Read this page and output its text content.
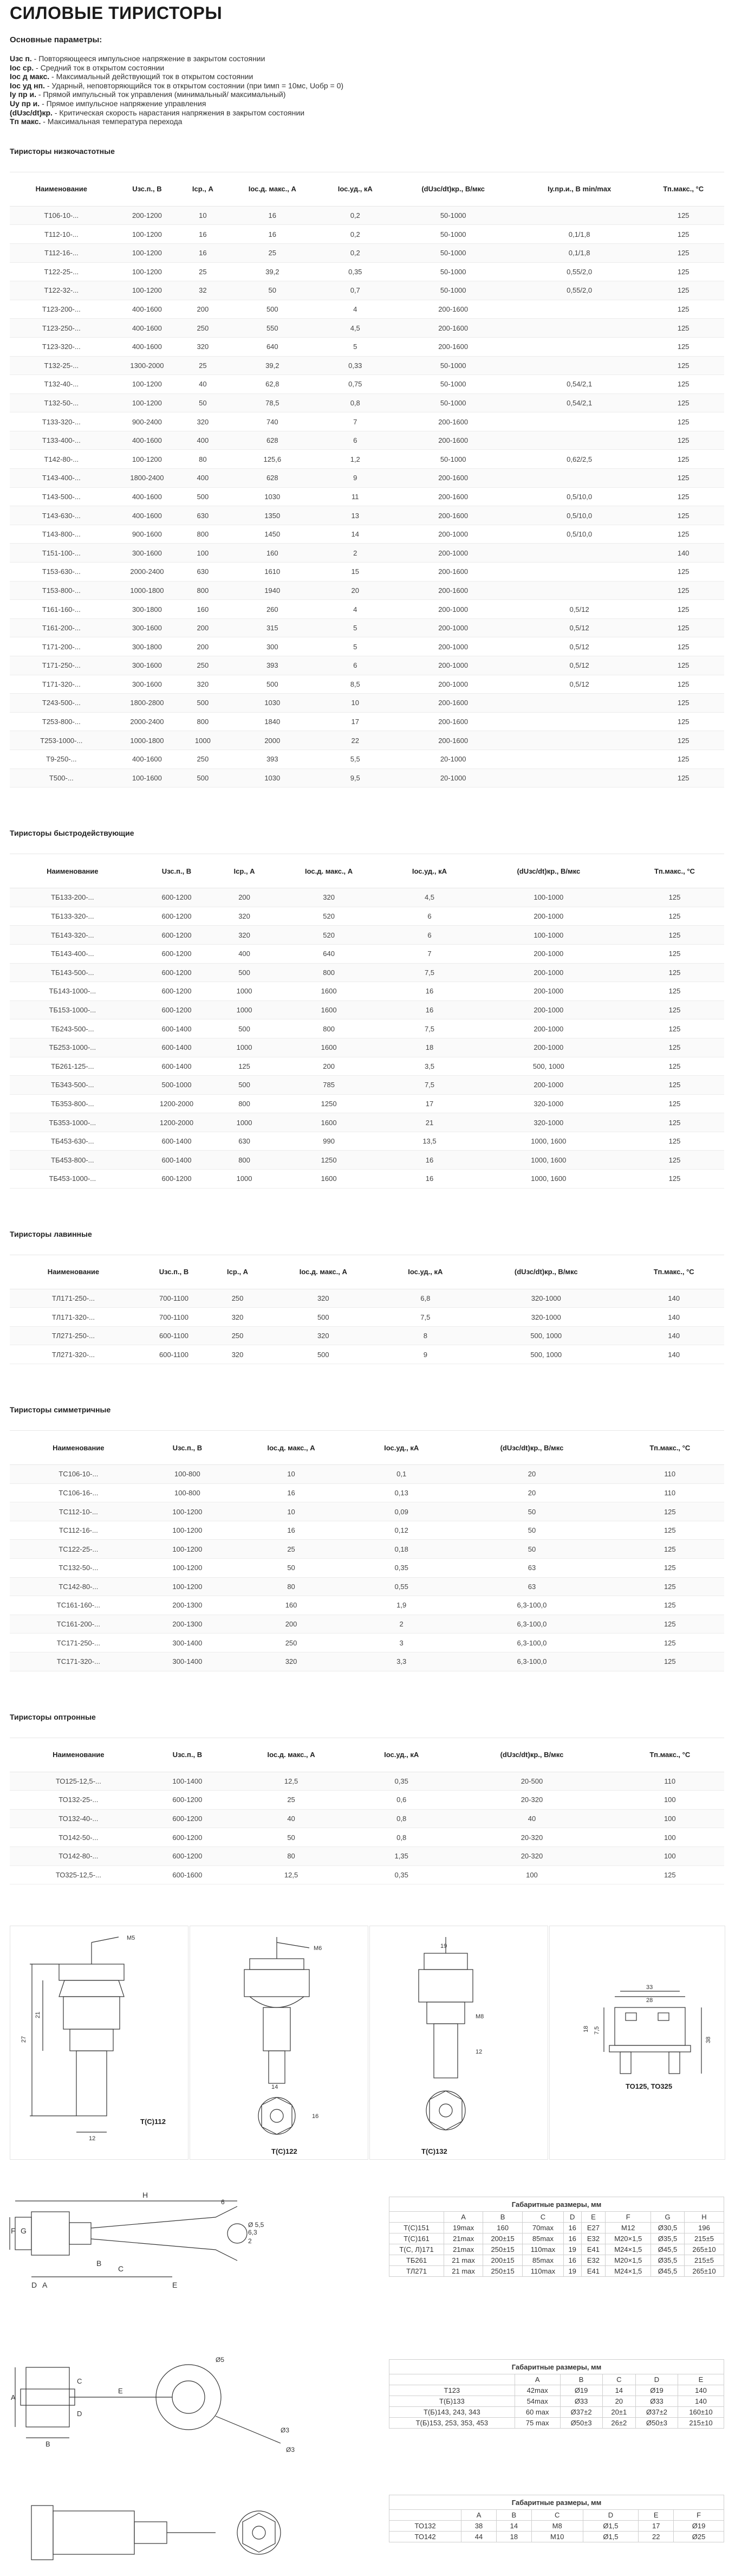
СИЛОВЫЕ ТИРИСТОРЫ
Основные параметры:
Uзс п. - Повторяющееся импульсное напряжение в закрытом состоянии
Iос ср. - Средний ток в открытом состоянии
Iос д макс. - Максимальный действующий ток в открытом состоянии
Iос уд нп. - Ударный, неповторяющийся ток в открытом состоянии (при tимп = 10мс, Uобр = 0)
Iу пр и. - Прямой импульсный ток управления (минимальный/ максимальный)
Uу пр и. - Прямое импульсное напряжение управления
(dUзс/dt)кр. - Критическая скорость нарастания напряжения в закрытом состоянии
Tп макс. - Максимальная температура перехода
Тиристоры низкочастотные
Наименование	Uзс.п., В	Iср., А	Iос.д. макс., А	Iос.уд., кА	(dUзс/dt)кр., В/мкс	Iу.пр.и., В min/max	Тп.макс., °С
Т106-10-...	200-1200	10	16	0,2	50-1000		125
Т112-10-...	100-1200	16	16	0,2	50-1000	0,1/1,8	125
Т112-16-...	100-1200	16	25	0,2	50-1000	0,1/1,8	125
Т122-25-...	100-1200	25	39,2	0,35	50-1000	0,55/2,0	125
Т122-32-...	100-1200	32	50	0,7	50-1000	0,55/2,0	125
Т123-200-...	400-1600	200	500	4	200-1600		125
Т123-250-...	400-1600	250	550	4,5	200-1600		125
Т123-320-...	400-1600	320	640	5	200-1600		125
Т132-25-...	1300-2000	25	39,2	0,33	50-1000		125
Т132-40-...	100-1200	40	62,8	0,75	50-1000	0,54/2,1	125
Т132-50-...	100-1200	50	78,5	0,8	50-1000	0,54/2,1	125
Т133-320-...	900-2400	320	740	7	200-1600		125
Т133-400-...	400-1600	400	628	6	200-1600		125
Т142-80-...	100-1200	80	125,6	1,2	50-1000	0,62/2,5	125
Т143-400-...	1800-2400	400	628	9	200-1600		125
Т143-500-...	400-1600	500	1030	11	200-1600	0,5/10,0	125
Т143-630-...	400-1600	630	1350	13	200-1600	0,5/10,0	125
Т143-800-...	900-1600	800	1450	14	200-1000	0,5/10,0	125
Т151-100-...	300-1600	100	160	2	200-1000		140
Т153-630-...	2000-2400	630	1610	15	200-1600		125
Т153-800-...	1000-1800	800	1940	20	200-1600		125
Т161-160-...	300-1800	160	260	4	200-1000	0,5/12	125
Т161-200-...	300-1600	200	315	5	200-1000	0,5/12	125
Т171-200-...	300-1800	200	300	5	200-1000	0,5/12	125
Т171-250-...	300-1600	250	393	6	200-1000	0,5/12	125
Т171-320-...	300-1600	320	500	8,5	200-1000	0,5/12	125
Т243-500-...	1800-2800	500	1030	10	200-1600		125
Т253-800-...	2000-2400	800	1840	17	200-1600		125
Т253-1000-...	1000-1800	1000	2000	22	200-1600		125
Т9-250-...	400-1600	250	393	5,5	20-1000		125
Т500-...	100-1600	500	1030	9,5	20-1000		125
Тиристоры быстродействующие
Наименование	Uзс.п., В	Iср., А	Iос.д. макс., А	Iос.уд., кА	(dUзс/dt)кр., В/мкс	Тп.макс., °С
ТБ133-200-...	600-1200	200	320	4,5	100-1000	125
ТБ133-320-...	600-1200	320	520	6	200-1000	125
ТБ143-320-...	600-1200	320	520	6	100-1000	125
ТБ143-400-...	600-1200	400	640	7	200-1000	125
ТБ143-500-...	600-1200	500	800	7,5	200-1000	125
ТБ143-1000-...	600-1200	1000	1600	16	200-1000	125
ТБ153-1000-...	600-1200	1000	1600	16	200-1000	125
ТБ243-500-...	600-1400	500	800	7,5	200-1000	125
ТБ253-1000-...	600-1400	1000	1600	18	200-1000	125
ТБ261-125-...	600-1400	125	200	3,5	500, 1000	125
ТБ343-500-...	500-1000	500	785	7,5	200-1000	125
ТБ353-800-...	1200-2000	800	1250	17	320-1000	125
ТБ353-1000-...	1200-2000	1000	1600	21	320-1000	125
ТБ453-630-...	600-1400	630	990	13,5	1000, 1600	125
ТБ453-800-...	600-1400	800	1250	16	1000, 1600	125
ТБ453-1000-...	600-1200	1000	1600	16	1000, 1600	125
Тиристоры лавинные
Наименование	Uзс.п., В	Iср., А	Iос.д. макс., А	Iос.уд., кА	(dUзс/dt)кр., В/мкс	Тп.макс., °С
ТЛ171-250-...	700-1100	250	320	6,8	320-1000	140
ТЛ171-320-...	700-1100	320	500	7,5	320-1000	140
ТЛ271-250-...	600-1100	250	320	8	500, 1000	140
ТЛ271-320-...	600-1100	320	500	9	500, 1000	140
Тиристоры симметричные
Наименование	Uзс.п., В	Iос.д. макс., А	Iос.уд., кА	(dUзс/dt)кр., В/мкс	Тп.макс., °С
ТС106-10-...	100-800	10	0,1	20	110
ТС106-16-...	100-800	16	0,13	20	110
ТС112-10-...	100-1200	10	0,09	50	125
ТС112-16-...	100-1200	16	0,12	50	125
ТС122-25-...	100-1200	25	0,18	50	125
ТС132-50-...	100-1200	50	0,35	63	125
ТС142-80-...	100-1200	80	0,55	63	125
ТС161-160-...	200-1300	160	1,9	6,3-100,0	125
ТС161-200-...	200-1300	200	2	6,3-100,0	125
ТС171-250-...	300-1400	250	3	6,3-100,0	125
ТС171-320-...	300-1400	320	3,3	6,3-100,0	125
Тиристоры оптронные
Наименование	Uзс.п., В	Iос.д. макс., А	Iос.уд., кА	(dUзс/dt)кр., В/мкс	Тп.макс., °С
ТО125-12,5-...	100-1400	12,5	0,35	20-500	110
ТО132-25-...	600-1200	25	0,6	20-320	100
ТО132-40-...	600-1200	40	0,8	40	100
ТО142-50-...	600-1200	50	0,8	20-320	100
ТО142-80-...	600-1200	80	1,35	20-320	100
ТО325-12,5-...	600-1600	12,5	0,35	100	125
Т(С)112
27
21
М5
12
Т(С)122
М6
14
16
Т(С)132
19
12
М8
33
28
7,5
18
38
ТО125, ТО325
H
A
B
C
D	E
F G
6
6,3
Ø 5,5
2
Габаритные размеры, мм								
	A	B	C	D	E	F	G	H
Т(С)151	19max	160	70max	16	Е27	М12	Ø30,5	196
Т(С)161	21max	200±15	85max	16	Е32	М20×1,5	Ø35,5	215±5
Т(С, Л)171	21max	250±15	110max	19	Е41	М24×1,5	Ø45,5	265±10
ТБ261	21 max	200±15	85max	16	Е32	М20×1,5	Ø35,5	215±5
ТЛ271	21 max	250±15	110max	19	Е41	М24×1,5	Ø45,5	265±10
A
B
C
D
E
Ø5
Ø3
Ø3
Габаритные размеры, мм					
	A	B	C	D	E
Т123	42max	Ø19	14	Ø19	140
Т(Б)133	54max	Ø33	20	Ø33	140
Т(Б)143, 243, 343	60 max	Ø37±2	20±1	Ø37±2	160±10
Т(Б)153, 253, 353, 453	75 max	Ø50±3	26±2	Ø50±3	215±10
Габаритные размеры, мм						
	A	B	C	D	E	F
ТО132	38	14	М8	Ø1,5	17	Ø19
ТО142	44	18	М10	Ø1,5	22	Ø25
